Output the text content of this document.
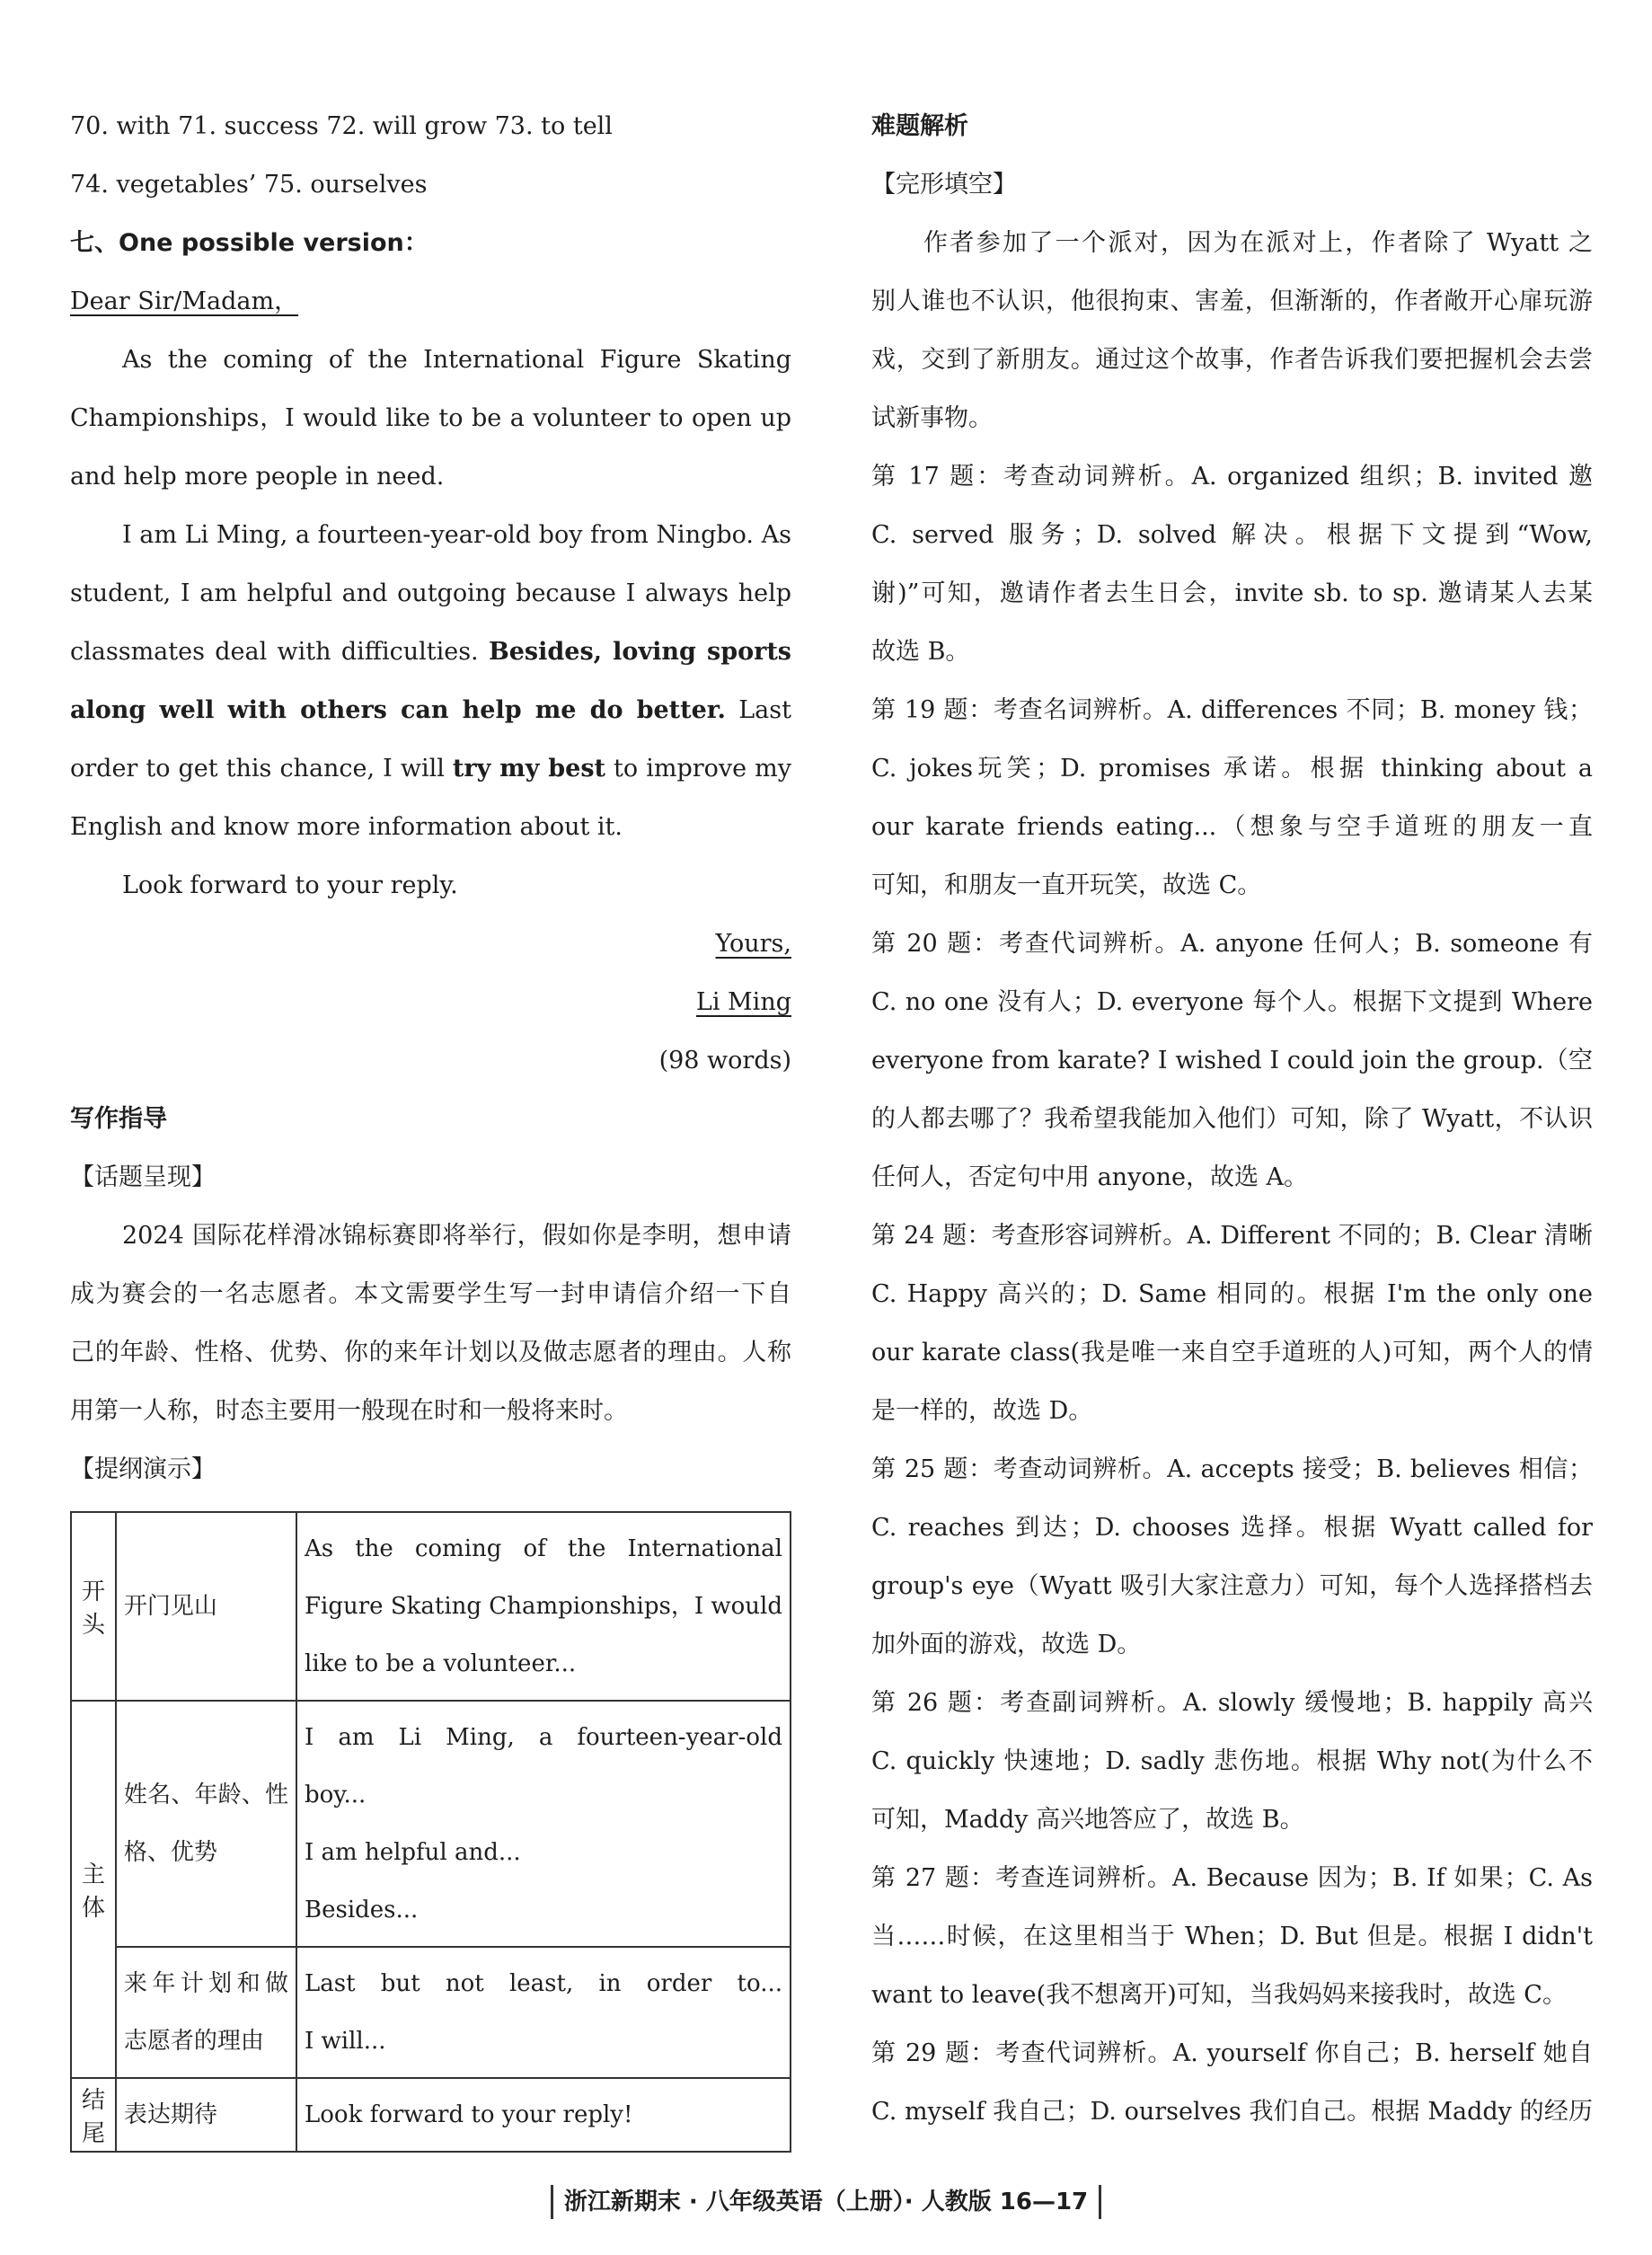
70. with 71. success 72. will grow 73. to tell
74. vegetables’ 75. ourselves
七、One possible version：
Dear Sir/Madam，
As the coming of the International Figure Skating
Championships，I would like to be a volunteer to open up
and help more people in need.
I am Li Ming, a fourteen-year-old boy from Ningbo. As
student, I am helpful and outgoing because I always help
classmates deal with difficulties. Besides, loving sports
along well with others can help me do better. Last
order to get this chance, I will try my best to improve my
English and know more information about it.
Look forward to your reply.
Yours,
Li Ming
(98 words)
写作指导
【话题呈现】
2024 国际花样滑冰锦标赛即将举行，假如你是李明，想申请
成为赛会的一名志愿者。本文需要学生写一封申请信介绍一下自
己的年龄、性格、优势、你的来年计划以及做志愿者的理由。人称
用第一人称，时态主要用一般现在时和一般将来时。
【提纲演示】
开头	开门见山	As the coming of the International
Figure Skating Championships，I would
like to be a volunteer...

主体	姓名、年龄、性
格、优势	I am Li Ming, a fourteen-year-old
boy...
I am helpful and...
Besides...

	来年计划和做
志愿者的理由	Last but not least, in order to...
I will...

结尾	表达期待	Look forward to your reply!
难题解析
【完形填空】
作者参加了一个派对，因为在派对上，作者除了 Wyatt 之
别人谁也不认识，他很拘束、害羞，但渐渐的，作者敞开心扉玩游
戏，交到了新朋友。通过这个故事，作者告诉我们要把握机会去尝
试新事物。
第 17 题：考查动词辨析。A. organized 组织；B. invited 邀
C. served 服务；D. solved 解决。根据下文提到“Wow,
谢)”可知，邀请作者去生日会，invite sb. to sp. 邀请某人去某
故选 B。
第 19 题：考查名词辨析。A. differences 不同；B. money 钱；
C. jokes玩笑；D. promises 承诺。根据 thinking about a
our karate friends eating...（想象与空手道班的朋友一直
可知，和朋友一直开玩笑，故选 C。
第 20 题：考查代词辨析。A. anyone 任何人；B. someone 有
C. no one 没有人；D. everyone 每个人。根据下文提到 Where
everyone from karate? I wished I could join the group.（空
的人都去哪了？我希望我能加入他们）可知，除了 Wyatt，不认识
任何人，否定句中用 anyone，故选 A。
第 24 题：考查形容词辨析。A. Different 不同的；B. Clear 清晰
C. Happy 高兴的；D. Same 相同的。根据 I'm the only one
our karate class(我是唯一来自空手道班的人)可知，两个人的情
是一样的，故选 D。
第 25 题：考查动词辨析。A. accepts 接受；B. believes 相信；
C. reaches 到达；D. chooses 选择。根据 Wyatt called for
group's eye（Wyatt 吸引大家注意力）可知，每个人选择搭档去
加外面的游戏，故选 D。
第 26 题：考查副词辨析。A. slowly 缓慢地；B. happily 高兴
C. quickly 快速地；D. sadly 悲伤地。根据 Why not(为什么不
可知，Maddy 高兴地答应了，故选 B。
第 27 题：考查连词辨析。A. Because 因为；B. If 如果；C. As
当……时候，在这里相当于 When；D. But 但是。根据 I didn't
want to leave(我不想离开)可知，当我妈妈来接我时，故选 C。
第 29 题：考查代词辨析。A. yourself 你自己；B. herself 她自
C. myself 我自己；D. ourselves 我们自己。根据 Maddy 的经历
浙江新期末 · 八年级英语（上册）· 人教版 16—17
